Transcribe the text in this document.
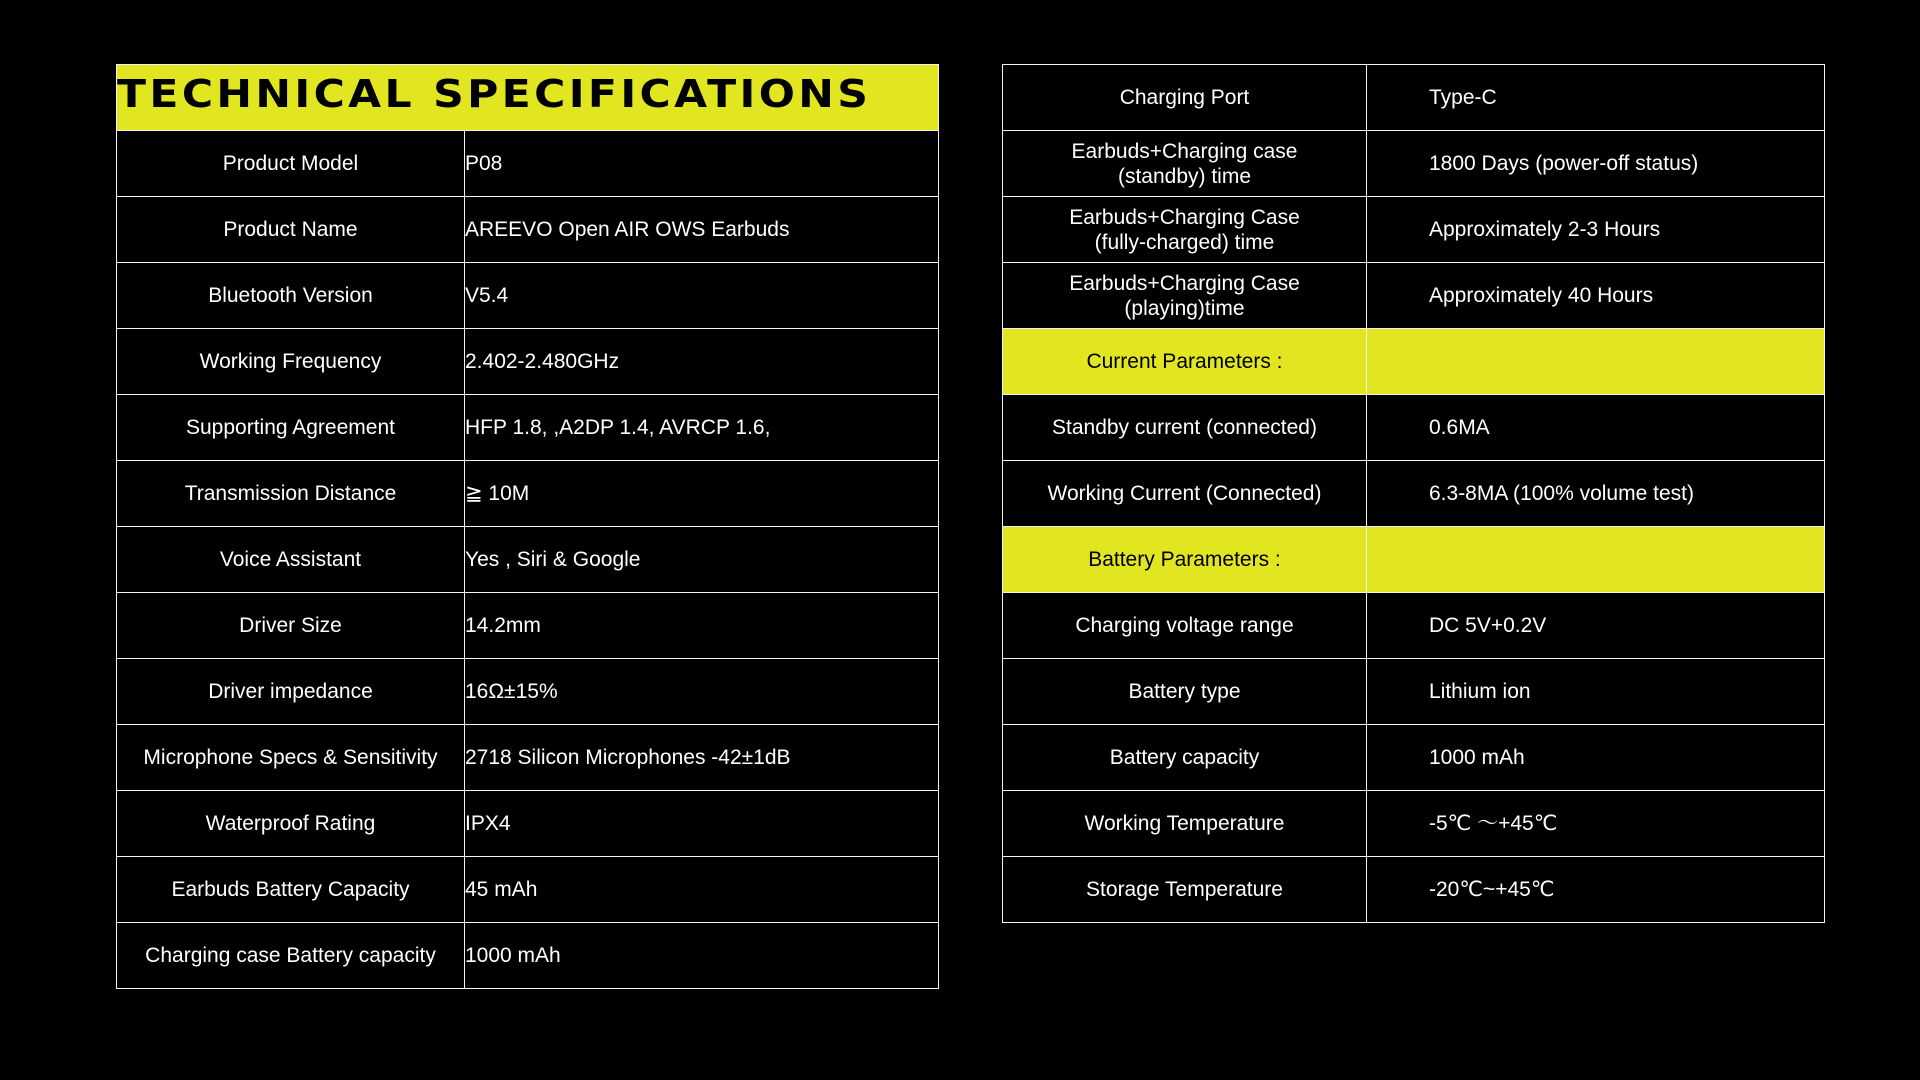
TECHNICAL SPECIFICATIONS	
Product Model	P08
Product Name	AREEVO Open AIR OWS Earbuds
Bluetooth Version	V5.4
Working Frequency	2.402-2.480GHz
Supporting Agreement	HFP 1.8, ,A2DP 1.4, AVRCP 1.6,
Transmission Distance	≧ 10M
Voice Assistant	Yes , Siri & Google
Driver Size	14.2mm
Driver impedance	16Ω±15%
Microphone Specs & Sensitivity	2718 Silicon Microphones -42±1dB
Waterproof Rating	IPX4
Earbuds Battery Capacity	45 mAh
Charging case Battery capacity	1000 mAh
Charging Port	Type-C

Earbuds+Charging case
(standby) time	1800 Days (power-off status)

Earbuds+Charging Case
(fully-charged) time	Approximately 2-3 Hours

Earbuds+Charging Case
(playing)time	Approximately 40 Hours
Current Parameters :	
Standby current (connected)	0.6MA
Working Current (Connected)	6.3-8MA (100% volume test)
Battery Parameters :	
Charging voltage range	DC 5V+0.2V
Battery type	Lithium ion
Battery capacity	1000 mAh
Working Temperature	-5℃ ～+45℃
Storage Temperature	-20℃~+45℃
